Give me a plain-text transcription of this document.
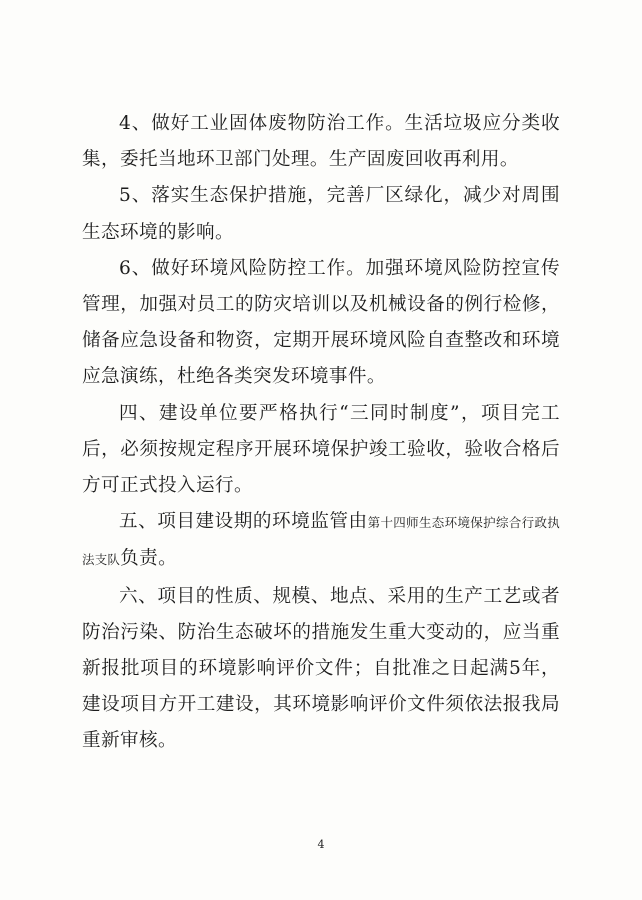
4、做好工业固体废物防治工作。生活垃圾应分类收集，委托当地环卫部门处理。生产固废回收再利用。

5、落实生态保护措施，完善厂区绿化，减少对周围生态环境的影响。

6、做好环境风险防控工作。加强环境风险防控宣传管理，加强对员工的防灾培训以及机械设备的例行检修，储备应急设备和物资，定期开展环境风险自查整改和环境应急演练，杜绝各类突发环境事件。

四、建设单位要严格执行“三同时制度”，项目完工后，必须按规定程序开展环境保护竣工验收，验收合格后方可正式投入运行。

五、项目建设期的环境监管由第十四师生态环境保护综合行政执法支队负责。

六、项目的性质、规模、地点、采用的生产工艺或者防治污染、防治生态破坏的措施发生重大变动的，应当重新报批项目的环境影响评价文件；自批准之日起满5年，建设项目方开工建设，其环境影响评价文件须依法报我局重新审核。

4
